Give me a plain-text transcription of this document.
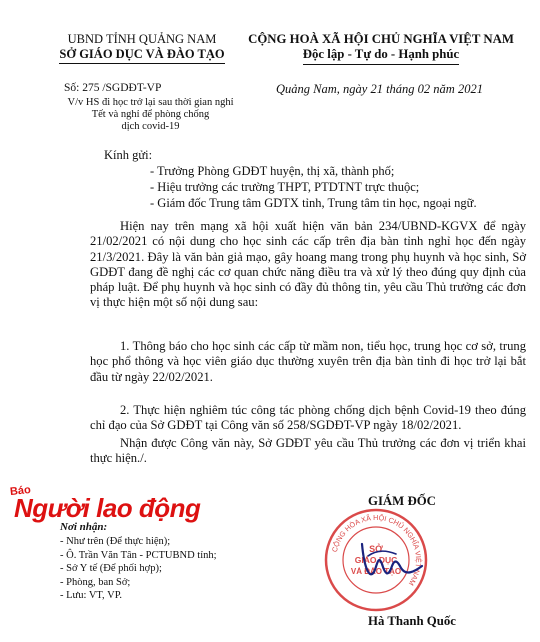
UBND TỈNH QUẢNG NAM
SỞ GIÁO DỤC VÀ ĐÀO TẠO
CỘNG HOÀ XÃ HỘI CHỦ NGHĨA VIỆT NAM
Độc lập - Tự do - Hạnh phúc
Số: 275 /SGDĐT-VP
V/v HS đi học trở lại sau thời gian nghỉ
Tết và nghỉ để phòng chống
dịch covid-19
Quảng Nam, ngày 21 tháng 02 năm 2021
Kính gửi:
- Trưởng Phòng GDĐT huyện, thị xã, thành phố;
- Hiệu trưởng các trường THPT, PTDTNT trực thuộc;
- Giám đốc Trung tâm GDTX tỉnh, Trung tâm tin học, ngoại ngữ.
Hiện nay trên mạng xã hội xuất hiện văn bản 234/UBND-KGVX để ngày 21/02/2021 có nội dung cho học sinh các cấp trên địa bàn tỉnh nghỉ học đến ngày 21/3/2021. Đây là văn bản giả mạo, gây hoang mang trong phụ huynh và học sinh, Sở GDĐT đang đề nghị các cơ quan chức năng điều tra và xử lý theo đúng quy định của pháp luật. Để phụ huynh và học sinh có đầy đủ thông tin, yêu cầu Thủ trưởng các đơn vị thực hiện một số nội dung sau:
1. Thông báo cho học sinh các cấp từ mầm non, tiểu học, trung học cơ sở, trung học phổ thông và học viên giáo dục thường xuyên trên địa bàn tỉnh đi học trở lại bắt đầu từ ngày 22/02/2021.
2. Thực hiện nghiêm túc công tác phòng chống dịch bệnh Covid-19 theo đúng chỉ đạo của Sở GDĐT tại Công văn số 258/SGDĐT-VP ngày 18/02/2021.
Nhận được Công văn này, Sở GDĐT yêu cầu Thủ trưởng các đơn vị triển khai thực hiện./.
Báo
Người lao động
Nơi nhận:
- Như trên (Để thực hiện);
- Ô. Trần Văn Tân - PCTUBND tỉnh;
- Sở Y tế (Để phối hợp);
- Phòng, ban Sở;
- Lưu: VT, VP.
GIÁM ĐỐC
CỘNG HÒA XÃ HỘI CHỦ NGHĨA VIỆT NAM
SỞ
GIÁO DỤC
VÀ ĐÀO TẠO
Hà Thanh Quốc
